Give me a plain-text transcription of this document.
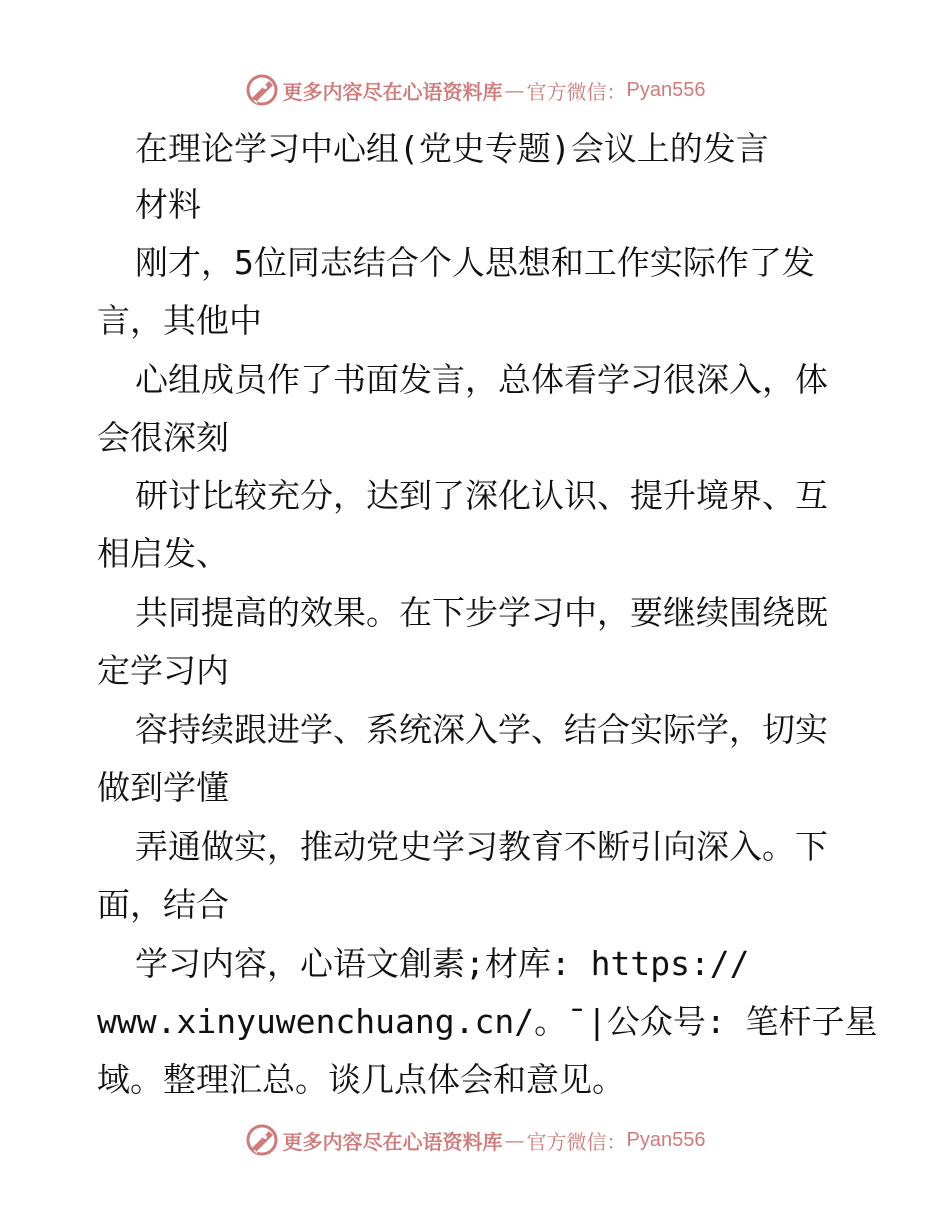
更多内容尽在心语资料库 — 官方微信： Pyan556
在理论学习中心组(党史专题)会议上的发言
材料
刚才，5位同志结合个人思想和工作实际作了发
言，其他中
心组成员作了书面发言，总体看学习很深入，体
会很深刻
研讨比较充分，达到了深化认识、提升境界、互
相启发、
共同提高的效果。在下步学习中，要继续围绕既
定学习内
容持续跟进学、系统深入学、结合实际学，切实
做到学懂
弄通做实，推动党史学习教育不断引向深入。下
面，结合
学习内容，心语文創素;材库: https://
www.xinyuwenchuang.cn/。¯|公众号: 笔杆子星
域。整理汇总。谈几点体会和意见。
更多内容尽在心语资料库 — 官方微信： Pyan556
